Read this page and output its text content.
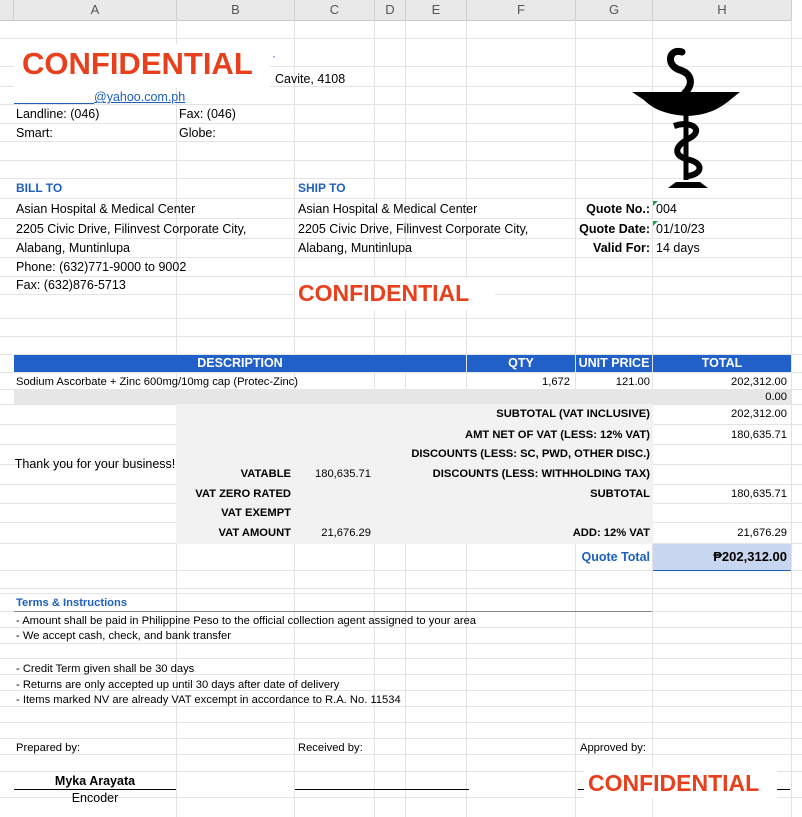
A	B	C	D	E	F	G	H
CONFIDENTIAL ·
Cavite, 4108
@yahoo.com.ph
Landline: (046)	Fax: (046)
Smart:	Globe:
BILL TO
Asian Hospital & Medical Center
2205 Civic Drive, Filinvest Corporate City,
Alabang, Muntinlupa
Phone: (632)771-9000 to 9002
Fax: (632)876-5713
SHIP TO
Asian Hospital & Medical Center
2205 Civic Drive, Filinvest Corporate City,
Alabang, Muntinlupa
Quote No.: 004
Quote Date: 01/10/23
Valid For: 14 days
CONFIDENTIAL
DESCRIPTION	QTY	UNIT PRICE	TOTAL
Sodium Ascorbate + Zinc 600mg/10mg cap (Protec-Zinc)	1,672	121.00	202,312.00
0.00
SUBTOTAL (VAT INCLUSIVE)	202,312.00
AMT NET OF VAT (LESS: 12% VAT)	180,635.71
DISCOUNTS (LESS: SC, PWD, OTHER DISC.)
DISCOUNTS (LESS: WITHHOLDING TAX)
SUBTOTAL	180,635.71
ADD: 12% VAT	21,676.29
Quote Total	₱202,312.00
Thank you for your business!
VATABLE	180,635.71
VAT ZERO RATED
VAT EXEMPT
VAT AMOUNT	21,676.29
Terms & Instructions
- Amount shall be paid in Philippine Peso to the official collection agent assigned to your area
- We accept cash, check, and bank transfer
- Credit Term given shall be 30 days
- Returns are only accepted up until 30 days after date of delivery
- Items marked NV are already VAT excempt in accordance to R.A. No. 11534
Prepared by:	Received by:	Approved by:
Myka Arayata
Encoder
CONFIDENTIAL
